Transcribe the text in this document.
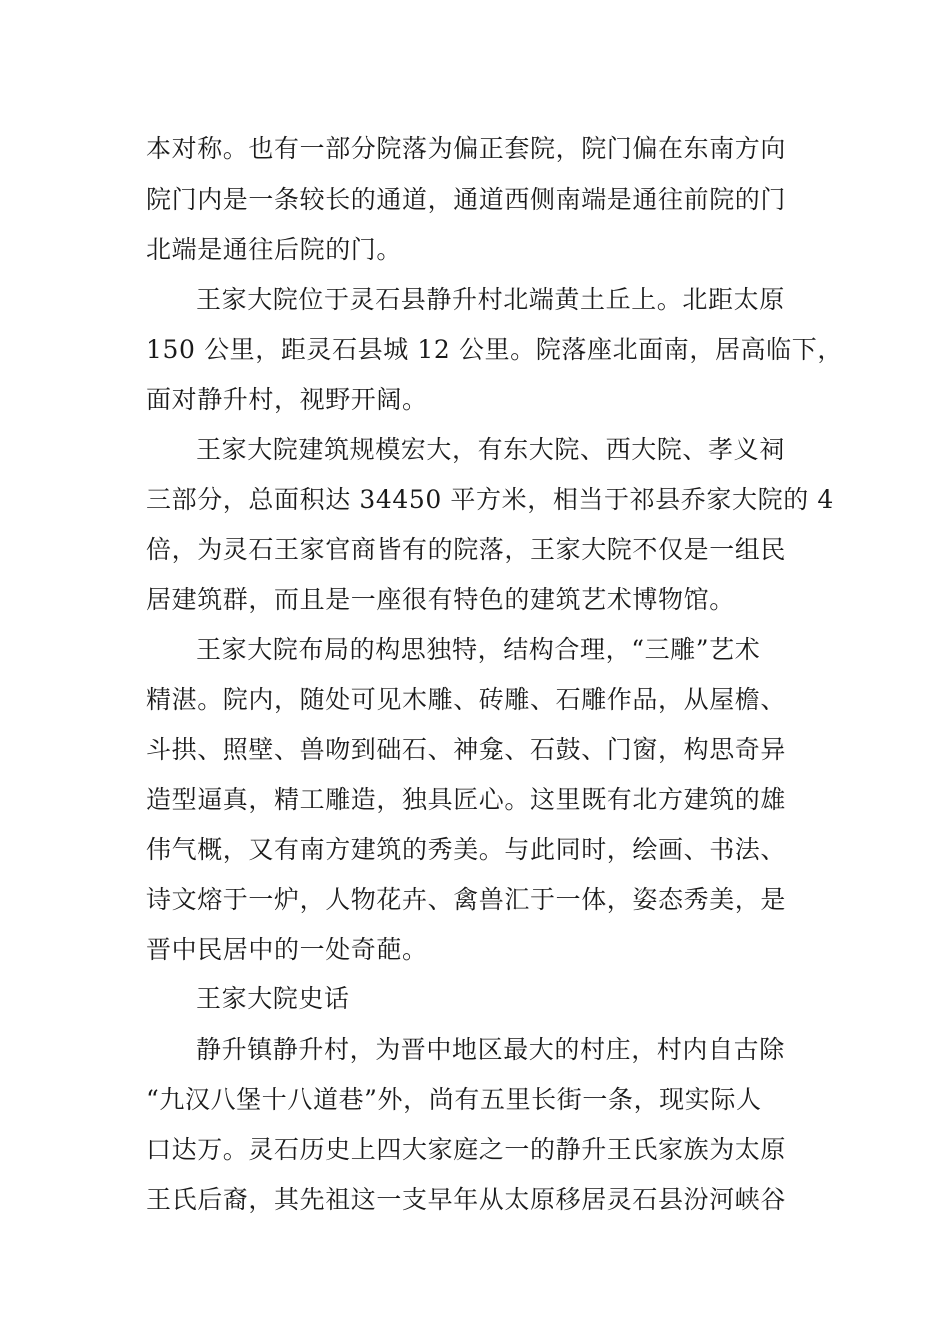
本对称。也有一部分院落为偏正套院，院门偏在东南方向
院门内是一条较长的通道，通道西侧南端是通往前院的门
北端是通往后院的门。
王家大院位于灵石县静升村北端黄土丘上。北距太原
150 公里，距灵石县城 12 公里。院落座北面南，居高临下，
面对静升村，视野开阔。
王家大院建筑规模宏大，有东大院、西大院、孝义祠
三部分，总面积达 34450 平方米，相当于祁县乔家大院的 4
倍，为灵石王家官商皆有的院落，王家大院不仅是一组民
居建筑群，而且是一座很有特色的建筑艺术博物馆。
王家大院布局的构思独特，结构合理，“三雕”艺术
精湛。院内，随处可见木雕、砖雕、石雕作品，从屋檐、
斗拱、照壁、兽吻到础石、神龛、石鼓、门窗，构思奇异
造型逼真，精工雕造，独具匠心。这里既有北方建筑的雄
伟气概，又有南方建筑的秀美。与此同时，绘画、书法、
诗文熔于一炉，人物花卉、禽兽汇于一体，姿态秀美，是
晋中民居中的一处奇葩。
王家大院史话
静升镇静升村，为晋中地区最大的村庄，村内自古除
“九汉八堡十八道巷”外，尚有五里长街一条，现实际人
口达万。灵石历史上四大家庭之一的静升王氏家族为太原
王氏后裔，其先祖这一支早年从太原移居灵石县汾河峡谷
